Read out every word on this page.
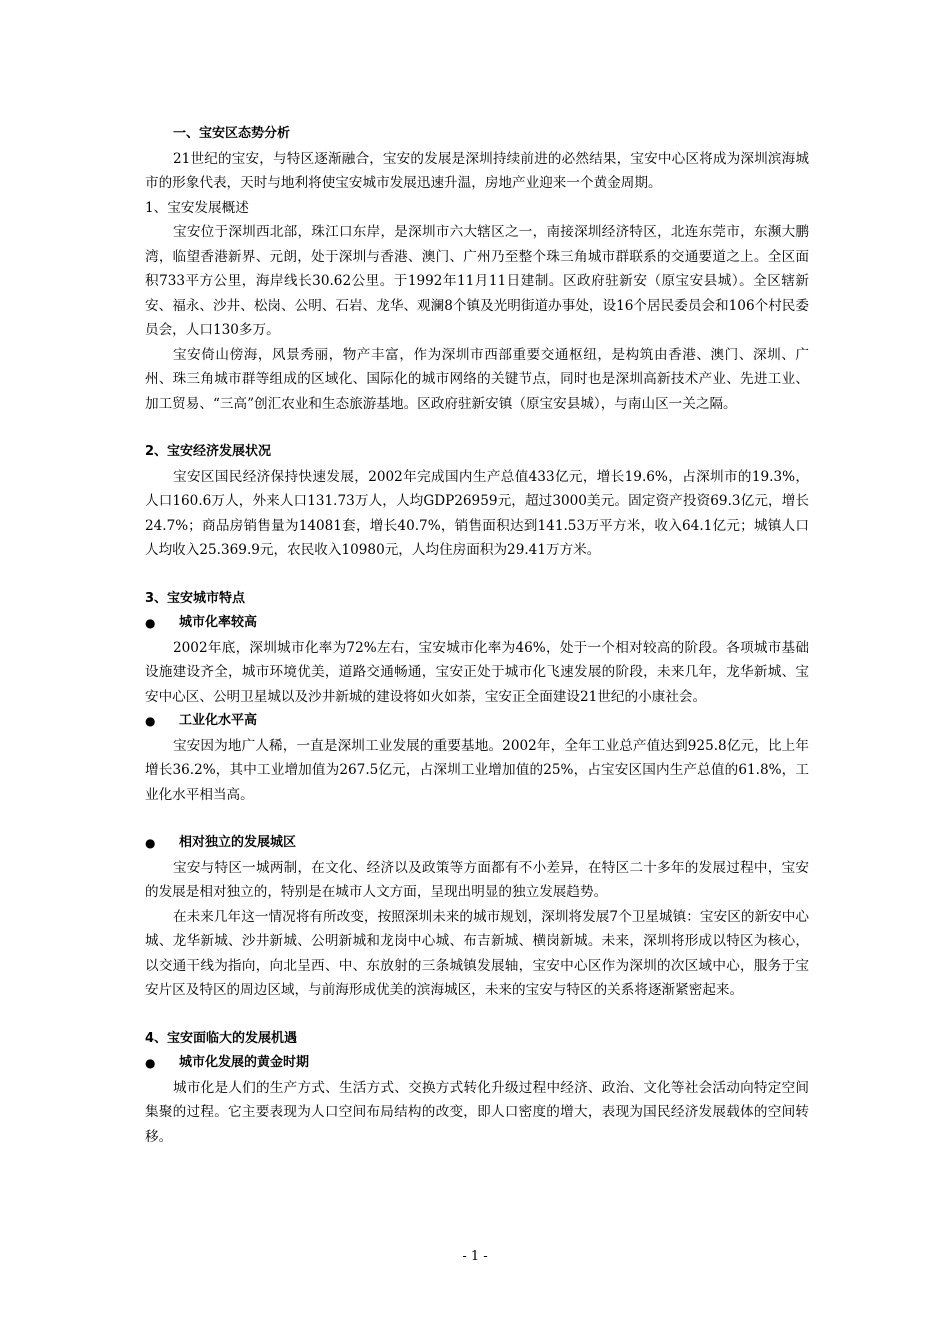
一、宝安区态势分析

21世纪的宝安，与特区逐渐融合，宝安的发展是深圳持续前进的必然结果，宝安中心区将成为深圳滨海城市的形象代表，天时与地利将使宝安城市发展迅速升温，房地产业迎来一个黄金周期。

1、宝安发展概述

宝安位于深圳西北部，珠江口东岸，是深圳市六大辖区之一，南接深圳经济特区，北连东莞市，东濒大鹏湾，临望香港新界、元朗，处于深圳与香港、澳门、广州乃至整个珠三角城市群联系的交通要道之上。全区面积733平方公里，海岸线长30.62公里。于1992年11月11日建制。区政府驻新安（原宝安县城）。全区辖新安、福永、沙井、松岗、公明、石岩、龙华、观澜8个镇及光明街道办事处，设16个居民委员会和106个村民委员会，人口130多万。

宝安倚山傍海，风景秀丽，物产丰富，作为深圳市西部重要交通枢纽，是构筑由香港、澳门、深圳、广州、珠三角城市群等组成的区域化、国际化的城市网络的关键节点，同时也是深圳高新技术产业、先进工业、加工贸易、“三高”创汇农业和生态旅游基地。区政府驻新安镇（原宝安县城），与南山区一关之隔。

2、宝安经济发展状况

宝安区国民经济保持快速发展，2002年完成国内生产总值433亿元，增长19.6%，占深圳市的19.3%，人口160.6万人，外来人口131.73万人，人均GDP26959元，超过3000美元。固定资产投资69.3亿元，增长24.7%；商品房销售量为14081套，增长40.7%，销售面积达到141.53万平方米，收入64.1亿元；城镇人口人均收入25.369.9元，农民收入10980元，人均住房面积为29.41万方米。

3、宝安城市特点

●	城市化率较高

2002年底，深圳城市化率为72%左右，宝安城市化率为46%，处于一个相对较高的阶段。各项城市基础设施建设齐全，城市环境优美，道路交通畅通，宝安正处于城市化飞速发展的阶段，未来几年，龙华新城、宝安中心区、公明卫星城以及沙井新城的建设将如火如荼，宝安正全面建设21世纪的小康社会。

●	工业化水平高

宝安因为地广人稀，一直是深圳工业发展的重要基地。2002年，全年工业总产值达到925.8亿元，比上年增长36.2%，其中工业增加值为267.5亿元，占深圳工业增加值的25%，占宝安区国内生产总值的61.8%，工业化水平相当高。

●	相对独立的发展城区

宝安与特区一城两制，在文化、经济以及政策等方面都有不小差异，在特区二十多年的发展过程中，宝安的发展是相对独立的，特别是在城市人文方面，呈现出明显的独立发展趋势。

在未来几年这一情况将有所改变，按照深圳未来的城市规划，深圳将发展7个卫星城镇：宝安区的新安中心城、龙华新城、沙井新城、公明新城和龙岗中心城、布吉新城、横岗新城。未来，深圳将形成以特区为核心，以交通干线为指向，向北呈西、中、东放射的三条城镇发展轴，宝安中心区作为深圳的次区域中心，服务于宝安片区及特区的周边区域，与前海形成优美的滨海城区，未来的宝安与特区的关系将逐渐紧密起来。

4、宝安面临大的发展机遇

●	城市化发展的黄金时期

城市化是人们的生产方式、生活方式、交换方式转化升级过程中经济、政治、文化等社会活动向特定空间集聚的过程。它主要表现为人口空间布局结构的改变，即人口密度的增大，表现为国民经济发展载体的空间转移。

- 1 -
